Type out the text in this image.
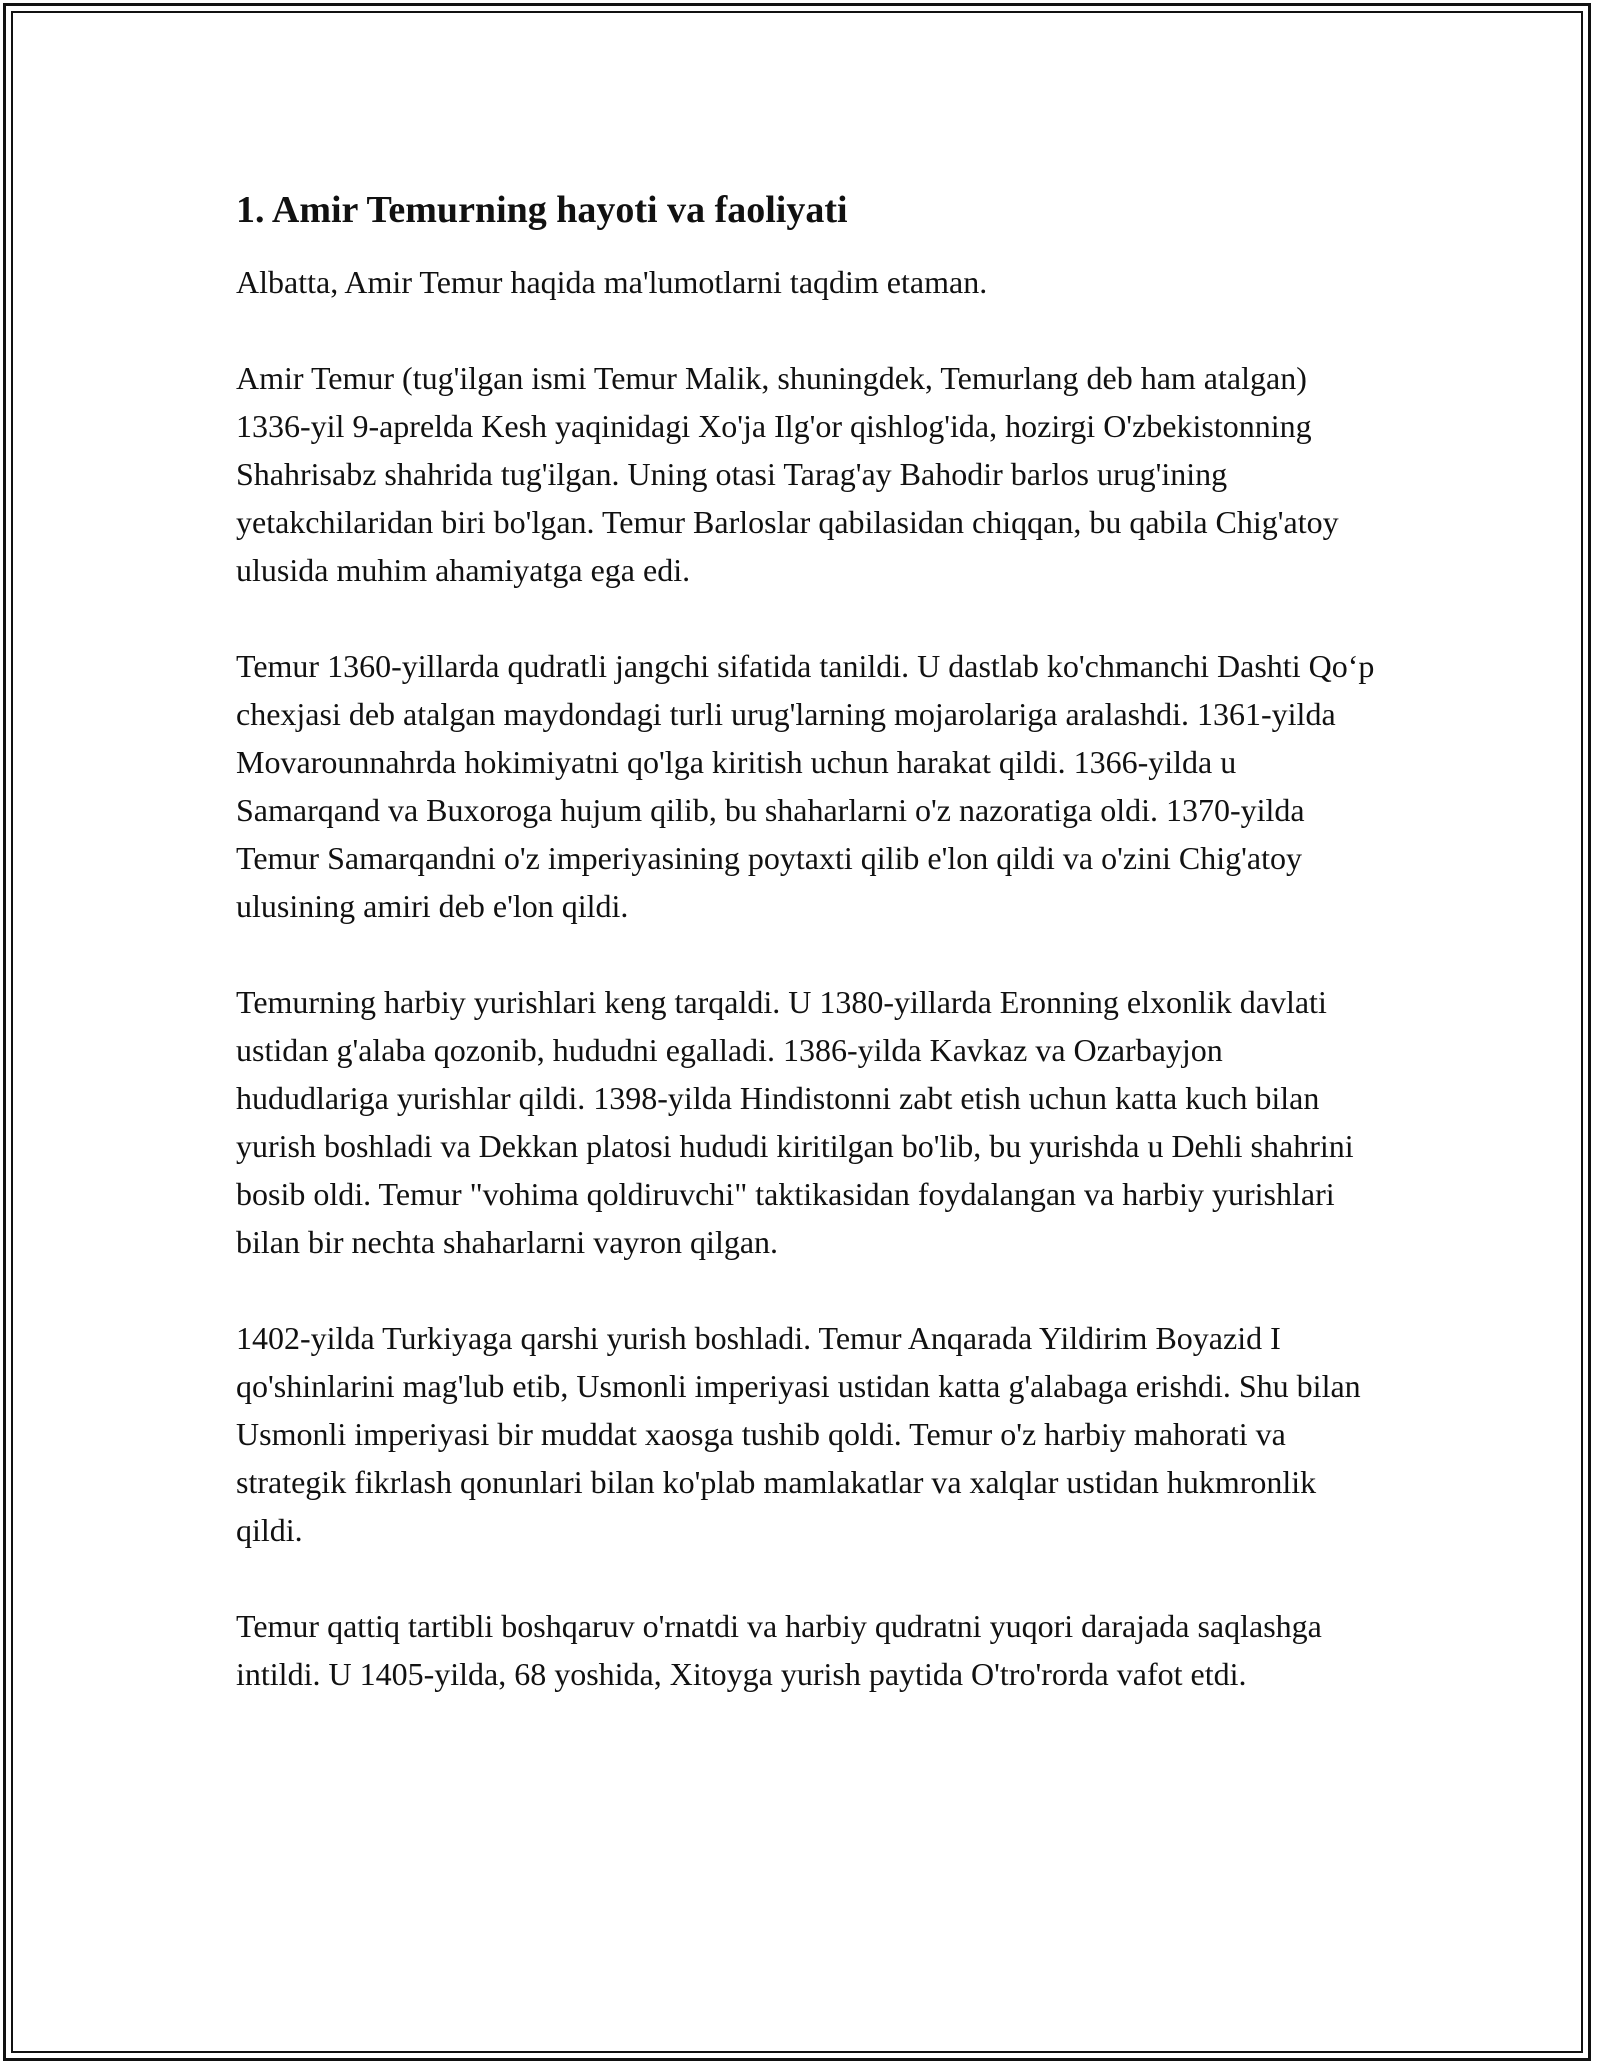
1. Amir Temurning hayoti va faoliyati

Albatta, Amir Temur haqida ma'lumotlarni taqdim etaman.

Amir Temur (tug'ilgan ismi Temur Malik, shuningdek, Temurlang deb ham atalgan) 1336-yil 9-aprelda Kesh yaqinidagi Xo'ja Ilg'or qishlog'ida, hozirgi O'zbekistonning Shahrisabz shahrida tug'ilgan. Uning otasi Tarag'ay Bahodir barlos urug'ining yetakchilaridan biri bo'lgan. Temur Barloslar qabilasidan chiqqan, bu qabila Chig'atoy ulusida muhim ahamiyatga ega edi.

Temur 1360-yillarda qudratli jangchi sifatida tanildi. U dastlab ko'chmanchi Dashti Qo‘p chexjasi deb atalgan maydondagi turli urug'larning mojarolariga aralashdi. 1361-yilda Movarounnahrda hokimiyatni qo'lga kiritish uchun harakat qildi. 1366-yilda u Samarqand va Buxoroga hujum qilib, bu shaharlarni o'z nazoratiga oldi. 1370-yilda Temur Samarqandni o'z imperiyasining poytaxti qilib e'lon qildi va o'zini Chig'atoy ulusining amiri deb e'lon qildi.

Temurning harbiy yurishlari keng tarqaldi. U 1380-yillarda Eronning elxonlik davlati ustidan g'alaba qozonib, hududni egalladi. 1386-yilda Kavkaz va Ozarbayjon hududlariga yurishlar qildi. 1398-yilda Hindistonni zabt etish uchun katta kuch bilan yurish boshladi va Dekkan platosi hududi kiritilgan bo'lib, bu yurishda u Dehli shahrini bosib oldi. Temur "vohima qoldiruvchi" taktikasidan foydalangan va harbiy yurishlari bilan bir nechta shaharlarni vayron qilgan.

1402-yilda Turkiyaga qarshi yurish boshladi. Temur Anqarada Yildirim Boyazid I qo'shinlarini mag'lub etib, Usmonli imperiyasi ustidan katta g'alabaga erishdi. Shu bilan Usmonli imperiyasi bir muddat xaosga tushib qoldi. Temur o'z harbiy mahorati va strategik fikrlash qonunlari bilan ko'plab mamlakatlar va xalqlar ustidan hukmronlik qildi.

Temur qattiq tartibli boshqaruv o'rnatdi va harbiy qudratni yuqori darajada saqlashga intildi. U 1405-yilda, 68 yoshida, Xitoyga yurish paytida O'tro'rorda vafot etdi.
